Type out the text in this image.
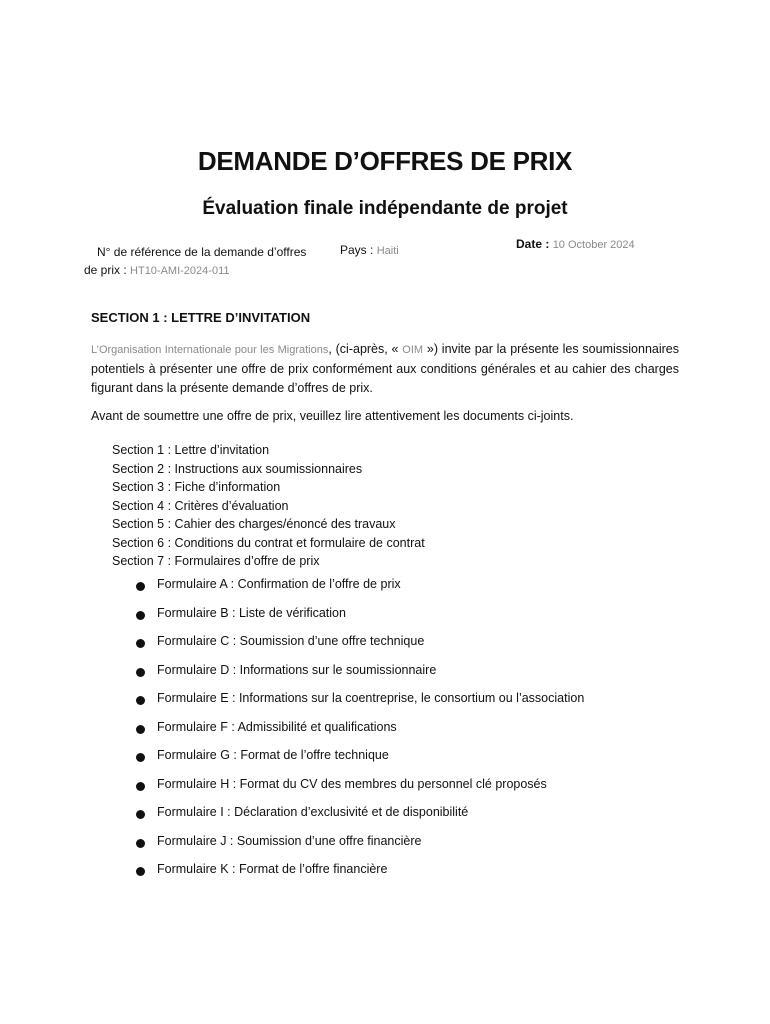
DEMANDE D’OFFRES DE PRIX
Évaluation finale indépendante de projet
N° de référence de la demande d’offres
de prix : HT10-AMI-2024-011
Pays : Haiti	Date : 10 October 2024
SECTION 1 : LETTRE D’INVITATION
L’Organisation Internationale pour les Migrations, (ci-après, « OIM ») invite par la présente les soumissionnaires potentiels à présenter une offre de prix conformément aux conditions générales et au cahier des charges figurant dans la présente demande d’offres de prix.
Avant de soumettre une offre de prix, veuillez lire attentivement les documents ci-joints.
Section 1 : Lettre d’invitation
Section 2 : Instructions aux soumissionnaires
Section 3 : Fiche d’information
Section 4 : Critères d’évaluation
Section 5 : Cahier des charges/énoncé des travaux
Section 6 : Conditions du contrat et formulaire de contrat
Section 7 : Formulaires d’offre de prix
Formulaire A : Confirmation de l’offre de prix
Formulaire B : Liste de vérification
Formulaire C : Soumission d’une offre technique
Formulaire D : Informations sur le soumissionnaire
Formulaire E : Informations sur la coentreprise, le consortium ou l’association
Formulaire F : Admissibilité et qualifications
Formulaire G : Format de l’offre technique
Formulaire H : Format du CV des membres du personnel clé proposés
Formulaire I : Déclaration d’exclusivité et de disponibilité
Formulaire J : Soumission d’une offre financière
Formulaire K : Format de l’offre financière
